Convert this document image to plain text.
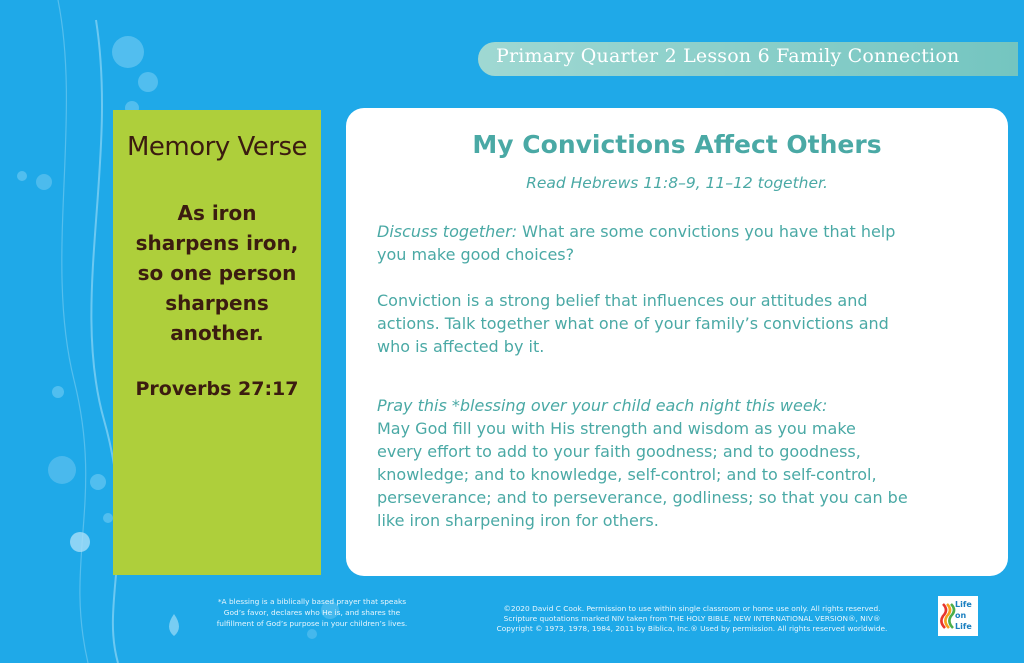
Primary Quarter 2 Lesson 6 Family Connection
Memory Verse
As iron
sharpens iron,
so one person
sharpens
another.
Proverbs 27:17
My Convictions Affect Others
Read Hebrews 11:8–9, 11–12 together.
Discuss together: What are some convictions you have that help
you make good choices?
Conviction is a strong belief that influences our attitudes and
actions. Talk together what one of your family’s convictions and
who is affected by it.
Pray this *blessing over your child each night this week:
May God fill you with His strength and wisdom as you make
every effort to add to your faith goodness; and to goodness,
knowledge; and to knowledge, self-control; and to self-control,
perseverance; and to perseverance, godliness; so that you can be
like iron sharpening iron for others.
*A blessing is a biblically based prayer that speaks
God’s favor, declares who He is, and shares the
fulfillment of God’s purpose in your children’s lives.
©2020 David C Cook. Permission to use within single classroom or home use only. All rights reserved.
Scripture quotations marked NIV taken from THE HOLY BIBLE, NEW INTERNATIONAL VERSION®, NIV®
Copyright © 1973, 1978, 1984, 2011 by Biblica, Inc.® Used by permission. All rights reserved worldwide.
Life
on
Life
